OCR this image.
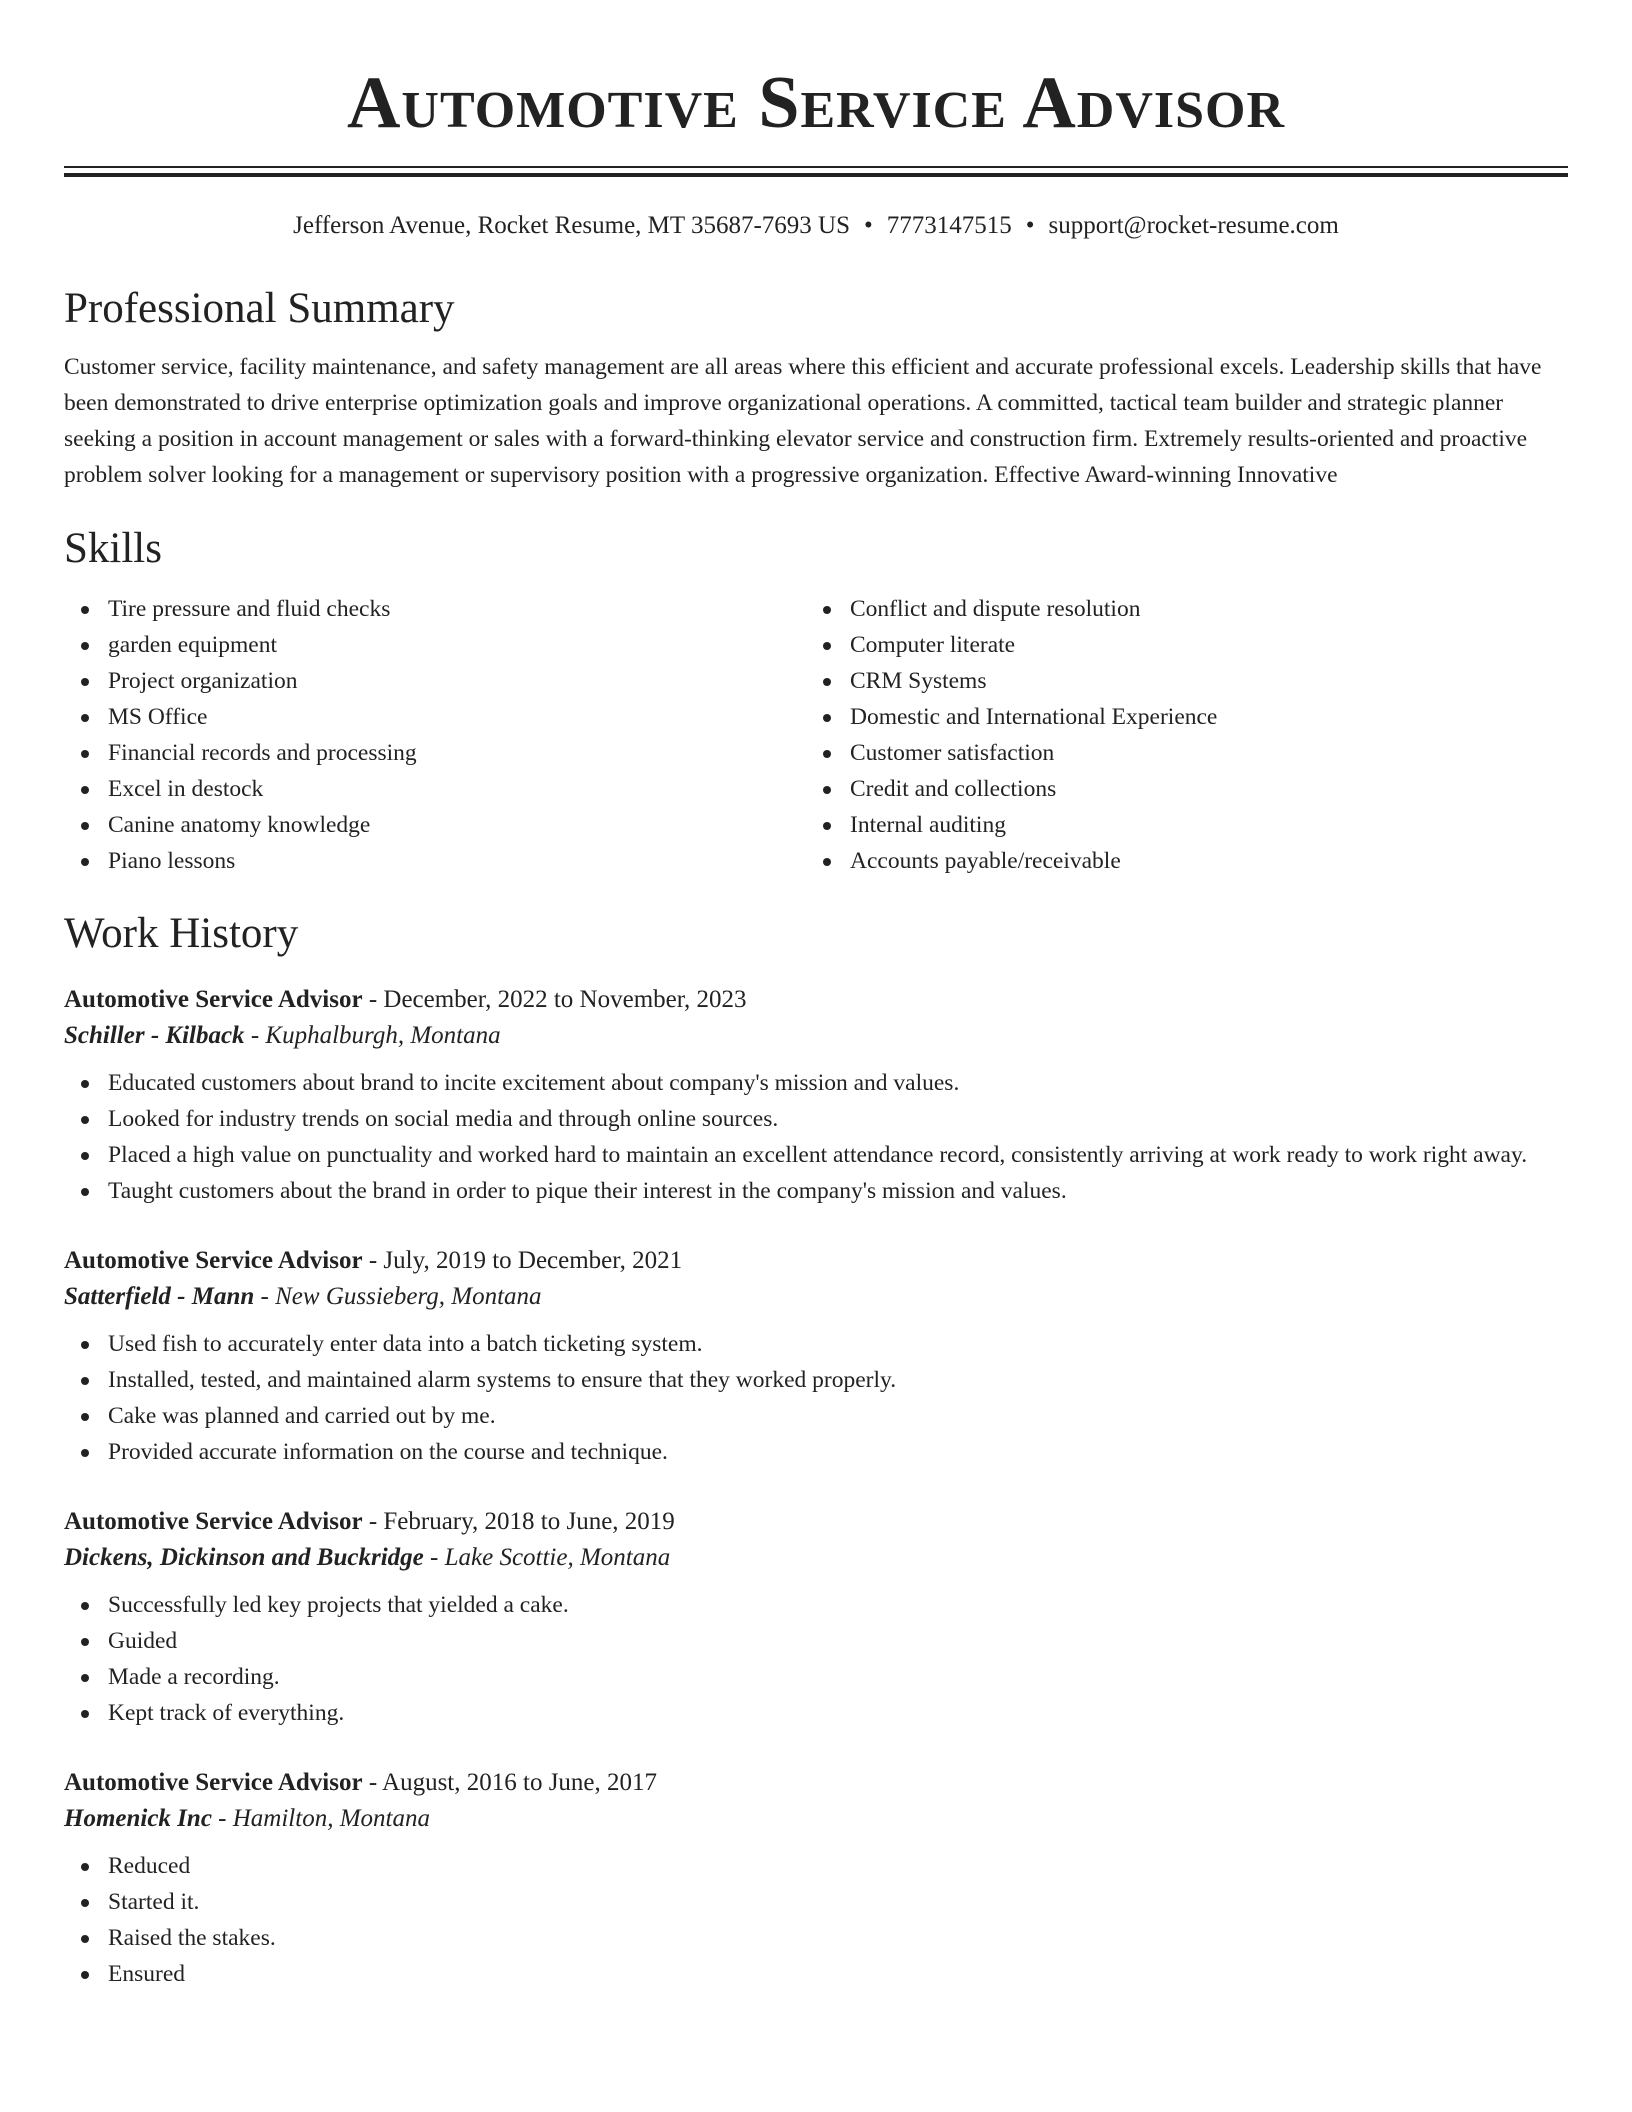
Automotive Service Advisor
Jefferson Avenue, Rocket Resume, MT 35687-7693 US • 7773147515 • support@rocket-resume.com
Professional Summary

Customer service, facility maintenance, and safety management are all areas where this efficient and accurate professional excels. Leadership skills that have been demonstrated to drive enterprise optimization goals and improve organizational operations. A committed, tactical team builder and strategic planner seeking a position in account management or sales with a forward-thinking elevator service and construction firm. Extremely results-oriented and proactive problem solver looking for a management or supervisory position with a progressive organization. Effective Award-winning Innovative

Skills
Tire pressure and fluid checks
garden equipment
Project organization
MS Office
Financial records and processing
Excel in destock
Canine anatomy knowledge
Piano lessons
Conflict and dispute resolution
Computer literate
CRM Systems
Domestic and International Experience
Customer satisfaction
Credit and collections
Internal auditing
Accounts payable/receivable
Work History
Automotive Service Advisor - December, 2022 to November, 2023
Schiller - Kilback - Kuphalburgh, Montana
Educated customers about brand to incite excitement about company's mission and values.
Looked for industry trends on social media and through online sources.
Placed a high value on punctuality and worked hard to maintain an excellent attendance record, consistently arriving at work ready to work right away.
Taught customers about the brand in order to pique their interest in the company's mission and values.
Automotive Service Advisor - July, 2019 to December, 2021
Satterfield - Mann - New Gussieberg, Montana
Used fish to accurately enter data into a batch ticketing system.
Installed, tested, and maintained alarm systems to ensure that they worked properly.
Cake was planned and carried out by me.
Provided accurate information on the course and technique.
Automotive Service Advisor - February, 2018 to June, 2019
Dickens, Dickinson and Buckridge - Lake Scottie, Montana
Successfully led key projects that yielded a cake.
Guided
Made a recording.
Kept track of everything.
Automotive Service Advisor - August, 2016 to June, 2017
Homenick Inc - Hamilton, Montana
Reduced
Started it.
Raised the stakes.
Ensured
